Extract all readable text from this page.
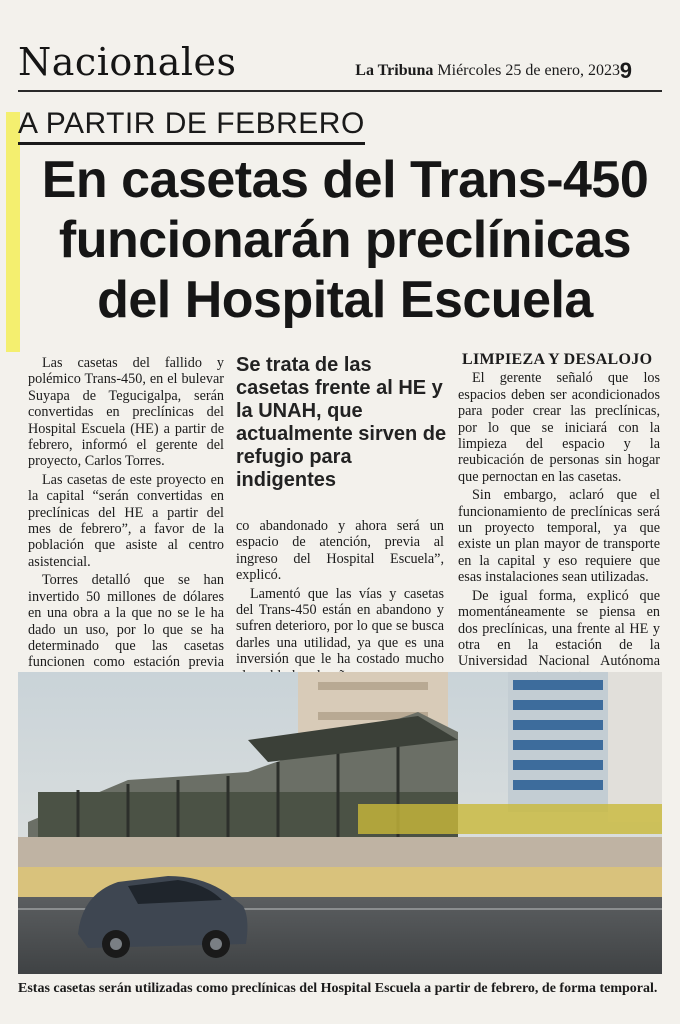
Nacionales	La Tribuna Miércoles 25 de enero, 2023 9
A PARTIR DE FEBRERO
En casetas del Trans-450
funcionarán preclínicas
del Hospital Escuela

Las casetas del fallido y polémico Trans-450, en el bulevar Suyapa de Tegucigalpa, serán convertidas en preclínicas del Hospital Escuela (HE) a partir de febrero, informó el gerente del proyecto, Carlos Torres.

Las casetas de este proyecto en la capital “serán convertidas en preclínicas del HE a partir del mes de febrero”, a favor de la población que asiste al centro asistencial.

Torres detalló que se han invertido 50 millones de dólares en una obra a la que no se le ha dado un uso, por lo que se ha determinado que las casetas funcionen como estación previa

Se trata de las casetas frente al HE y la UNAH, que actualmente sirven de refugio para indigentes

co abandonado y ahora será un espacio de atención, previa al ingreso del Hospital Escuela”, explicó.

Lamentó que las vías y casetas del Trans-450 están en abandono y sufren deterioro, por lo que se busca darles una utilidad, ya que es una inversión que le ha costado mucho

LIMPIEZA Y DESALOJO

El gerente señaló que los espacios deben ser acondicionados para poder crear las preclínicas, por lo que se iniciará con la limpieza del espacio y la reubicación de personas sin hogar que pernoctan en las casetas.

Sin embargo, aclaró que el funcionamiento de preclínicas será un proyecto temporal, ya que existe un plan mayor de transporte en la capital y eso requiere que esas instalaciones sean utilizadas.

De igual forma, explicó que momentáneamente se piensa en dos preclínicas, una frente al HE y otra en la estación de la Universidad Nacional Autónoma

Estas casetas serán utilizadas como preclínicas del Hospital Escuela a partir de febrero, de forma temporal.
